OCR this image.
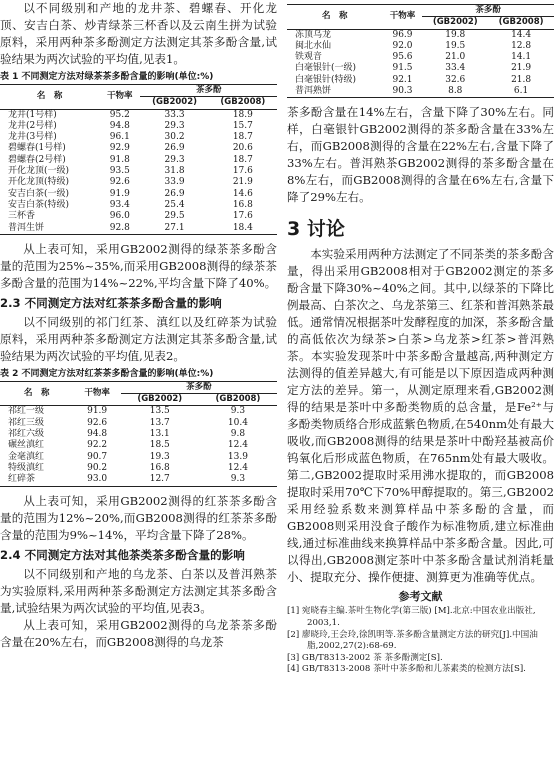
以不同级别和产地的龙井茶、碧螺春、开化龙顶、安吉白茶、炒青绿茶三杯香以及云南生拼为试验原料，采用两种茶多酚测定方法测定其茶多酚含量,试验结果为两次试验的平均值,见表1。

表 1 不同测定方法对绿茶茶多酚含量的影响(单位:%)
名　称	干物率	茶多酚	
		(GB2002)	(GB2008)
龙井(1号样)	95.2	33.3	18.9
龙井(2号样)	94.8	29.3	15.7
龙井(3号样)	96.1	30.2	18.7
碧螺春(1号样)	92.9	26.9	20.6
碧螺春(2号样)	91.8	29.3	18.7
开化龙顶(一级)	93.5	31.8	17.6
开化龙顶(特级)	92.6	33.9	21.9
安吉白茶(一级)	91.9	26.9	14.6
安吉白茶(特级)	93.4	25.4	16.8
三杯香	96.0	29.5	17.6
普洱生饼	92.8	27.1	18.4

从上表可知，采用GB2002测得的绿茶茶多酚含量的范围为25%~35%,而采用GB2008测得的绿茶茶多酚含量的范围为14%~22%,平均含量下降了40%。

2.3 不同测定方法对红茶茶多酚含量的影响

以不同级别的祁门红茶、滇红以及红碎茶为试验原料，采用两种茶多酚测定方法测定其茶多酚含量,试验结果为两次试验的平均值,见表2。

表 2 不同测定方法对红茶茶多酚含量的影响(单位:%)
名　称	干物率	茶多酚	
		(GB2002)	(GB2008)
祁红一级	91.9	13.5	9.3
祁红三级	92.6	13.7	10.4
祁红六级	94.8	13.1	9.8
碾丝滇红	92.2	18.5	12.4
金毫滇红	90.7	19.3	13.9
特级滇红	90.2	16.8	12.4
红碎茶	93.0	12.7	9.3

从上表可知，采用GB2002测得的红茶茶多酚含量的范围为12%~20%,而GB2008测得的红茶茶多酚含量的范围为9%~14%，平均含量下降了28%。

2.4 不同测定方法对其他茶类茶多酚含量的影响

以不同级别和产地的乌龙茶、白茶以及普洱熟茶为实验原料,采用两种茶多酚测定方法测定其茶多酚含量,试验结果为两次试验的平均值,见表3。

从上表可知，采用GB2002测得的乌龙茶茶多酚含量在20%左右，而GB2008测得的乌龙茶

名　称	干物率	茶多酚	
		(GB2002)	(GB2008)
冻顶乌龙	96.9	19.8	14.4
闽北水仙	92.0	19.5	12.8
铁观音	95.6	21.0	14.1
白毫银针(一级)	91.5	33.4	21.9
白毫银针(特级)	92.1	32.6	21.8
普洱熟饼	90.3	8.8	6.1

茶多酚含量在14%左右，含量下降了30%左右。同样，白毫银针GB2002测得的茶多酚含量在33%左右，而GB2008测得的含量在22%左右,含量下降了33%左右。普洱熟茶GB2002测得的茶多酚含量在8%左右，而GB2008测得的含量在6%左右,含量下降了29%左右。

3 讨论

本实验采用两种方法测定了不同茶类的茶多酚含量，得出采用GB2008相对于GB2002测定的茶多酚含量下降30%~40%之间。其中,以绿茶的下降比例最高、白茶次之、乌龙茶第三、红茶和普洱熟茶最低。通常情况根据茶叶发酵程度的加深，茶多酚含量的高低依次为绿茶>白茶>乌龙茶>红茶>普洱熟茶。本实验发现茶叶中茶多酚含量越高,两种测定方法测得的值差异越大,有可能是以下原因造成两种测定方法的差异。第一，从测定原理来看,GB2002测得的结果是茶叶中多酚类物质的总含量，是Fe²⁺与多酚类物质络合形成蓝紫色物质,在540nm处有最大吸收,而GB2008测得的结果是茶叶中酚羟基被高价钨氧化后形成蓝色物质，在765nm处有最大吸收。第二,GB2002提取时采用沸水提取的，而GB2008提取时采用70℃下70%甲醇提取的。第三,GB2002采用经验系数来测算样品中茶多酚的含量，而GB2008则采用没食子酸作为标准物质,建立标准曲线,通过标准曲线来换算样品中茶多酚含量。因此,可以得出,GB2008测定茶叶中茶多酚含量试剂消耗量小、提取充分、操作便捷、测算更为准确等优点。

参考文献

[1] 宛晓春主编.茶叶生物化学(第三版) [M].北京:中国农业出版社, 2003,1.

[2] 廖晓玲,王会玲,徐凯明等.茶多酚含量测定方法的研究[J].中国油脂,2002,27(2):68-69.

[3] GB/T8313-2002 茶 茶多酚测定[S].

[4] GB/T8313-2008 茶叶中茶多酚和儿茶素类的检测方法[S].
